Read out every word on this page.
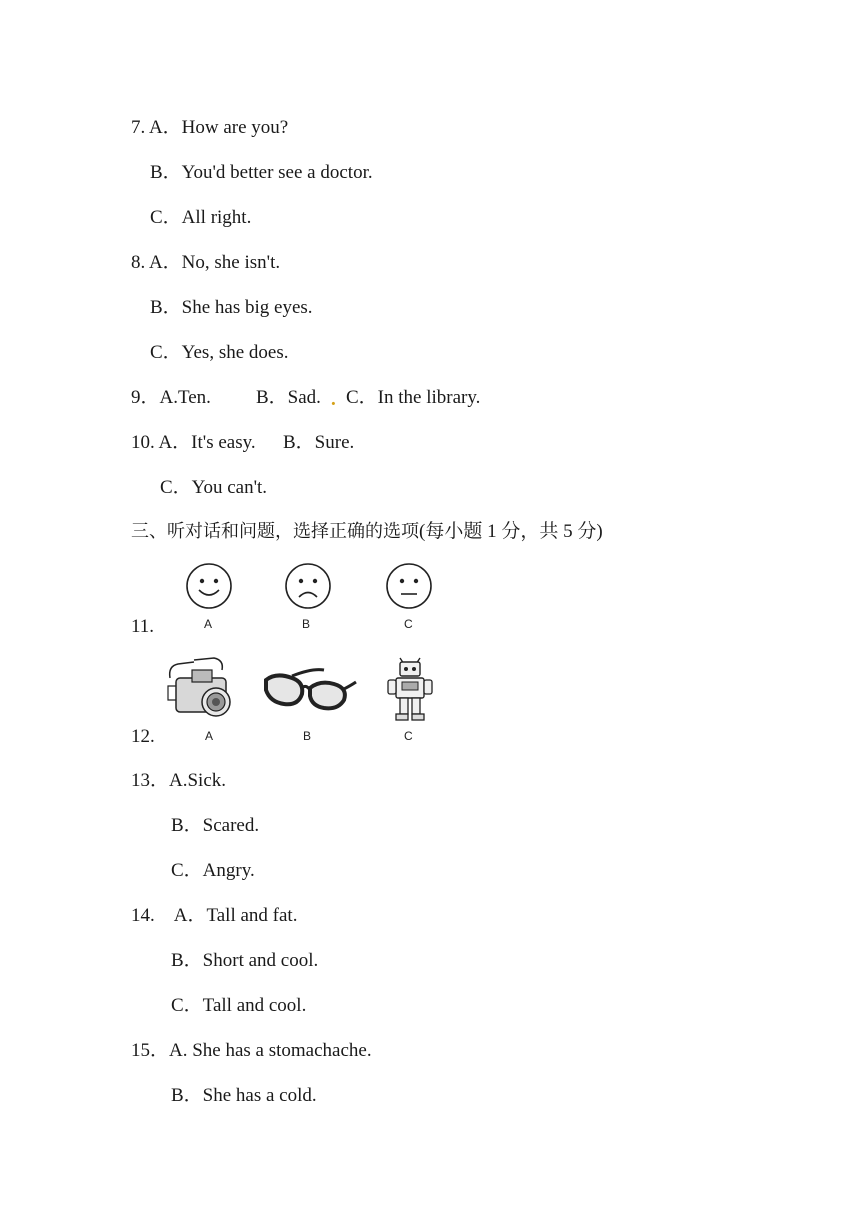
7. A．How are you?
B．You'd better see a doctor.
C．All right.
8. A．No, she isn't.
B．She has big eyes.
C．Yes, she does.
9．A.Ten. B．Sad. . C．In the library.
10. A．It's easy. B．Sure.
C．You can't.
三、听对话和问题，选择正确的选项(每小题 1 分，共 5 分)
11.	A	B	C
12.	A	B	C
13．A.Sick.
B．Scared.
C．Angry.
14.　A．Tall and fat.
B．Short and cool.
C．Tall and cool.
15．A. She has a stomachache.
B．She has a cold.
